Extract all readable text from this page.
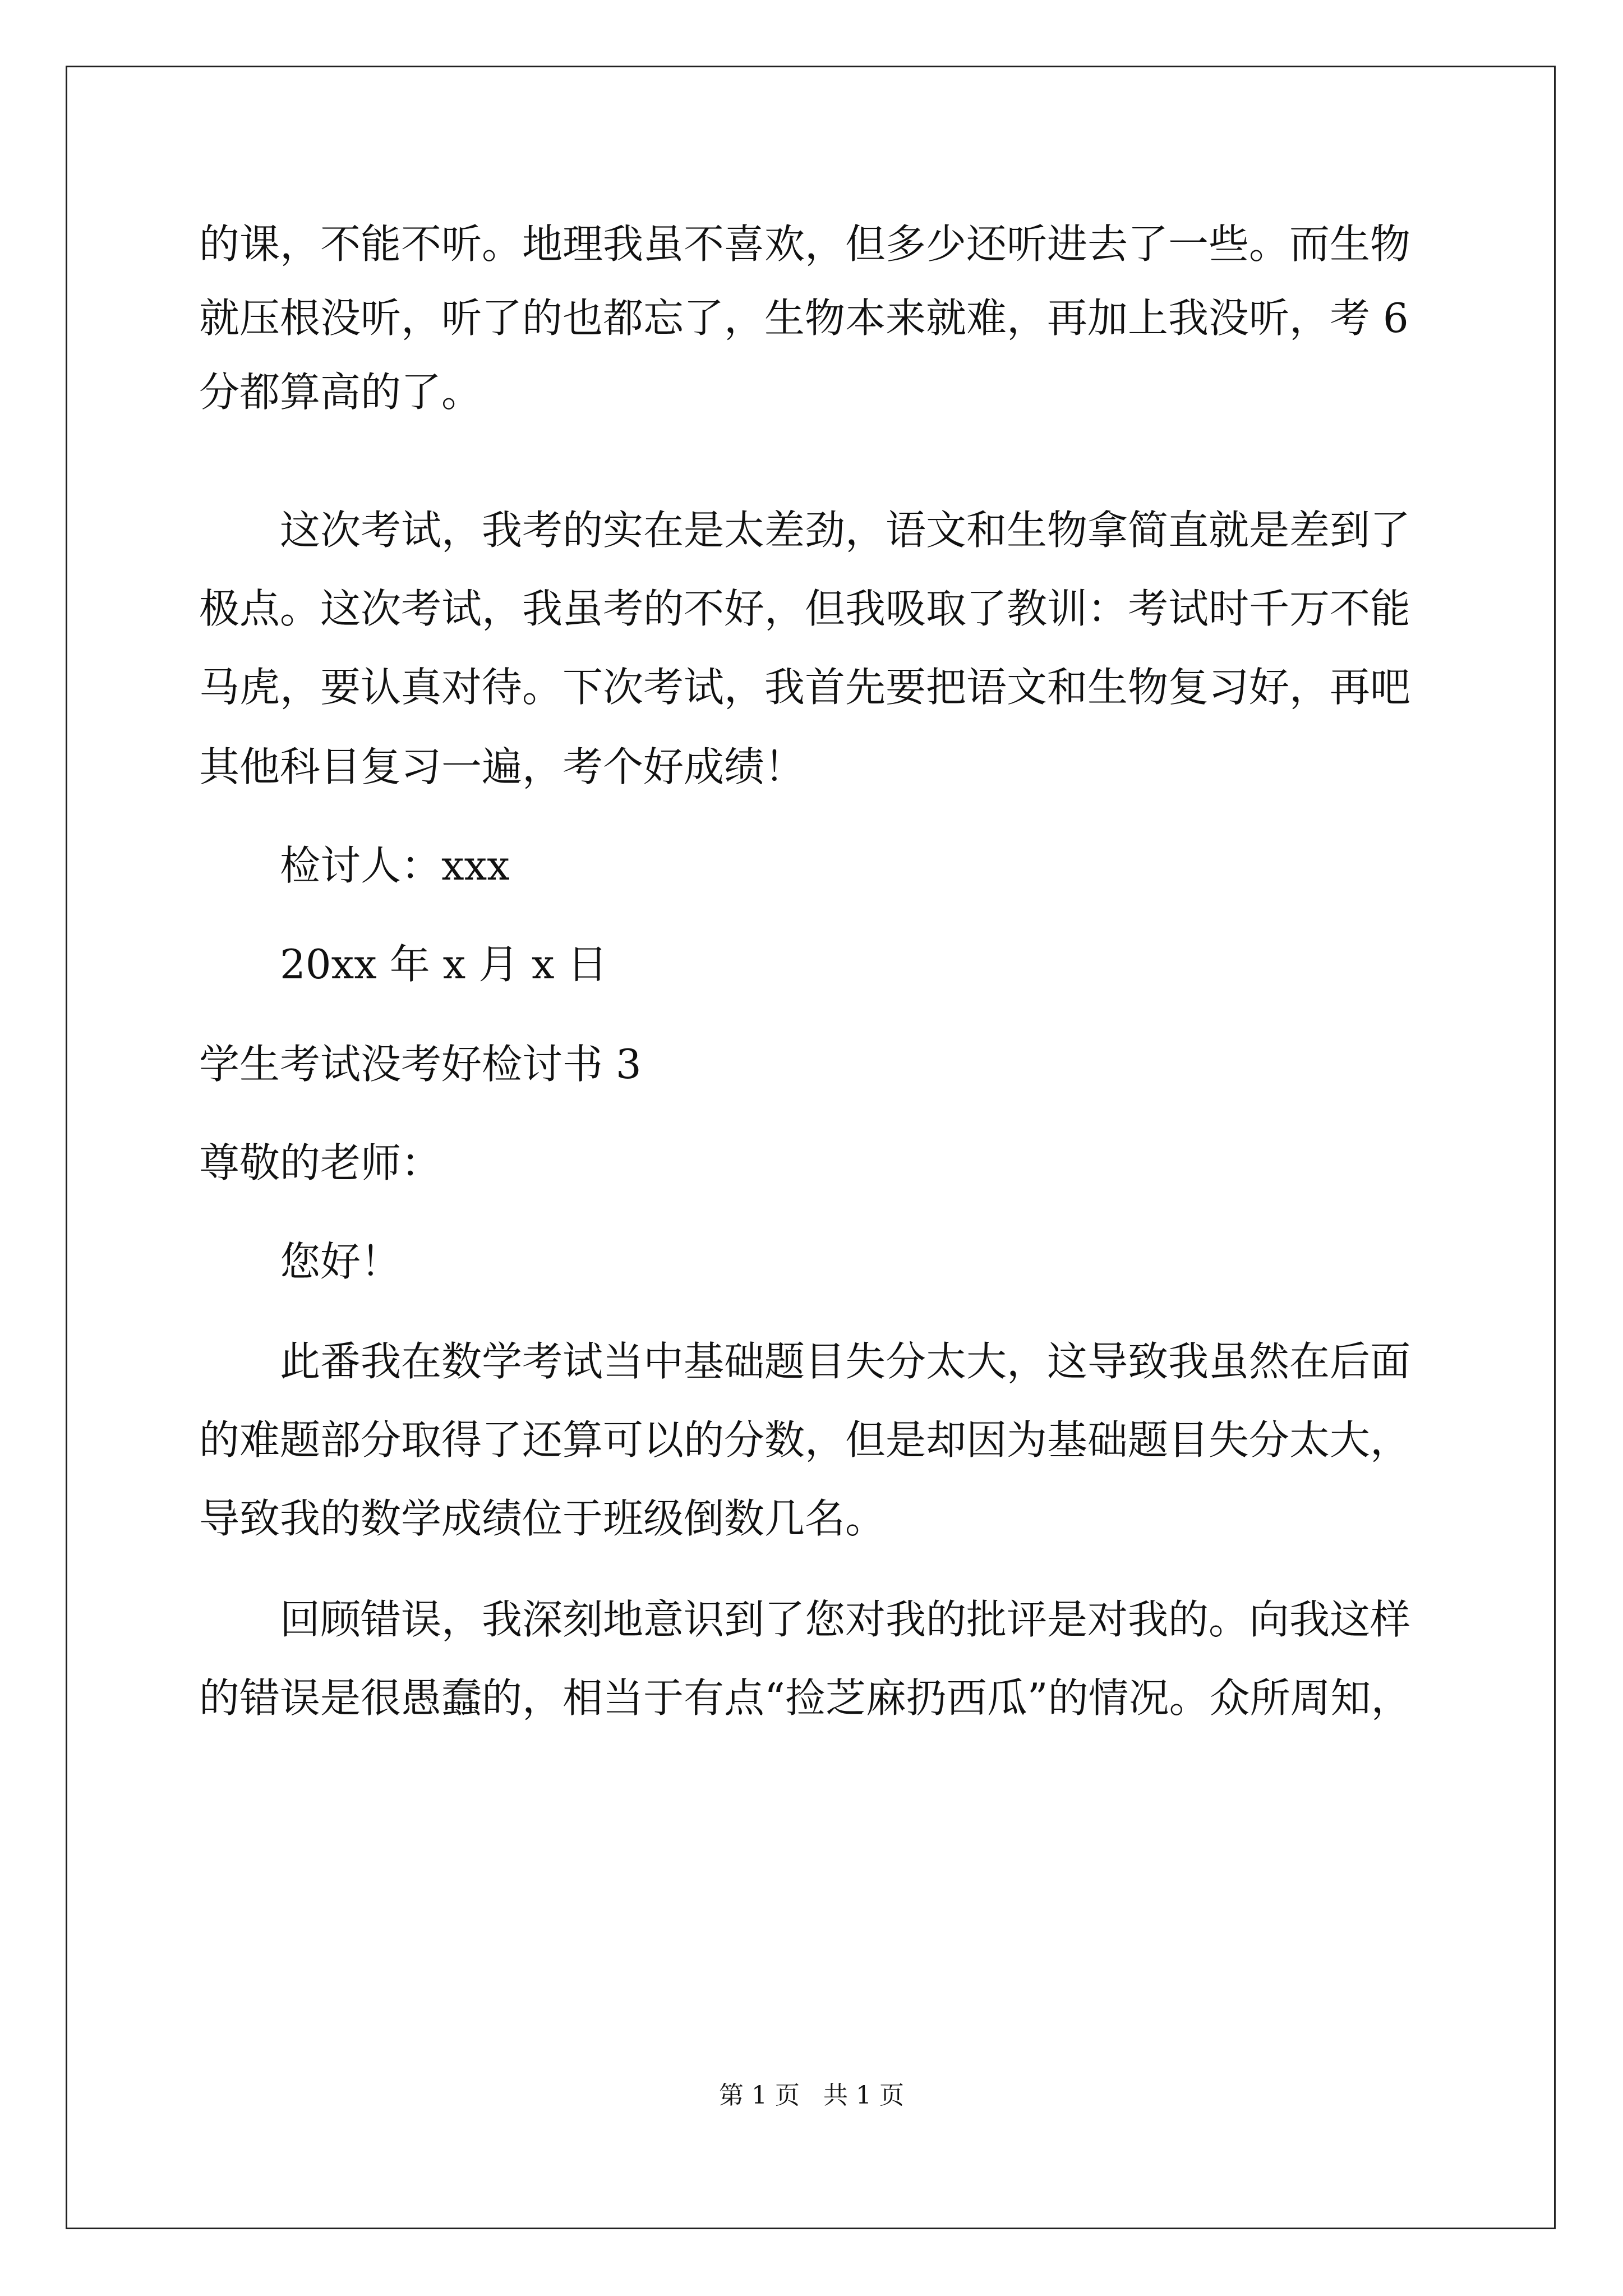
的课，不能不听。地理我虽不喜欢，但多少还听进去了一些。而生物
就压根没听，听了的也都忘了，生物本来就难，再加上我没听，考 6
分都算高的了。
这次考试，我考的实在是太差劲，语文和生物拿简直就是差到了
极点。这次考试，我虽考的不好，但我吸取了教训：考试时千万不能
马虎，要认真对待。下次考试，我首先要把语文和生物复习好，再吧
其他科目复习一遍，考个好成绩！
检讨人：xxx
20xx 年 x 月 x 日
学生考试没考好检讨书 3
尊敬的老师：
您好！
此番我在数学考试当中基础题目失分太大，这导致我虽然在后面
的难题部分取得了还算可以的分数，但是却因为基础题目失分太大，
导致我的数学成绩位于班级倒数几名。
回顾错误，我深刻地意识到了您对我的批评是对我的。向我这样
的错误是很愚蠢的，相当于有点“捡芝麻扔西瓜”的情况。众所周知，
第 1 页   共 1 页
